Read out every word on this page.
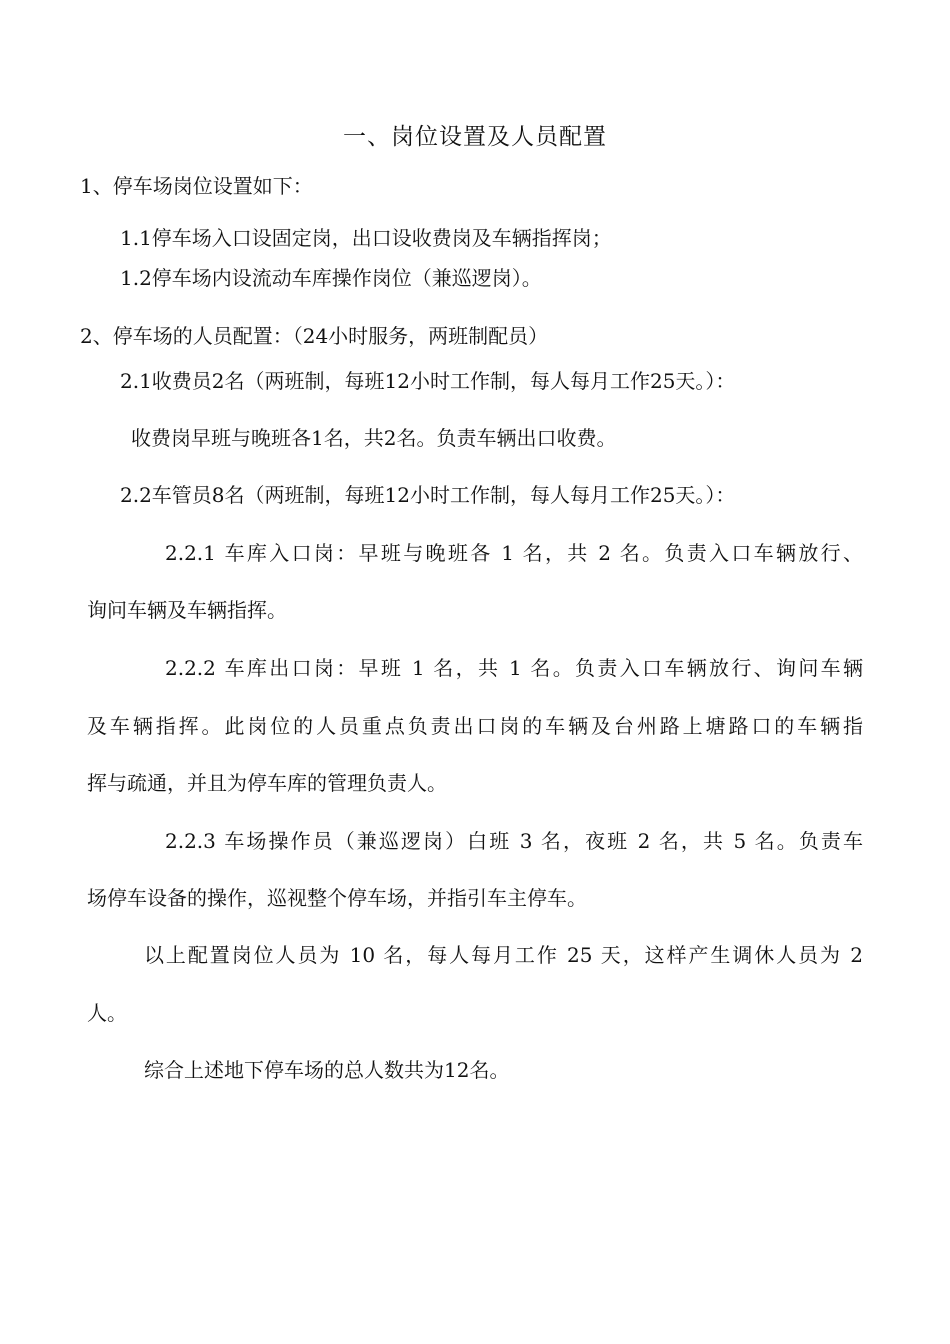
一、岗位设置及人员配置
1、停车场岗位设置如下：
1.1停车场入口设固定岗，出口设收费岗及车辆指挥岗；
1.2停车场内设流动车库操作岗位（兼巡逻岗）。
2、停车场的人员配置：（24小时服务，两班制配员）
2.1收费员2名（两班制，每班12小时工作制，每人每月工作25天。）：
收费岗早班与晚班各1名，共2名。负责车辆出口收费。
2.2车管员8名（两班制，每班12小时工作制，每人每月工作25天。）：
2.2.1 车库入口岗：早班与晚班各 1 名，共 2 名。负责入口车辆放行、
询问车辆及车辆指挥。
2.2.2 车库出口岗：早班 1 名，共 1 名。负责入口车辆放行、询问车辆
及车辆指挥。此岗位的人员重点负责出口岗的车辆及台州路上塘路口的车辆指
挥与疏通，并且为停车库的管理负责人。
2.2.3 车场操作员（兼巡逻岗）白班 3 名，夜班 2 名，共 5 名。负责车
场停车设备的操作，巡视整个停车场，并指引车主停车。
以上配置岗位人员为 10 名，每人每月工作 25 天，这样产生调休人员为 2
人。
综合上述地下停车场的总人数共为12名。
